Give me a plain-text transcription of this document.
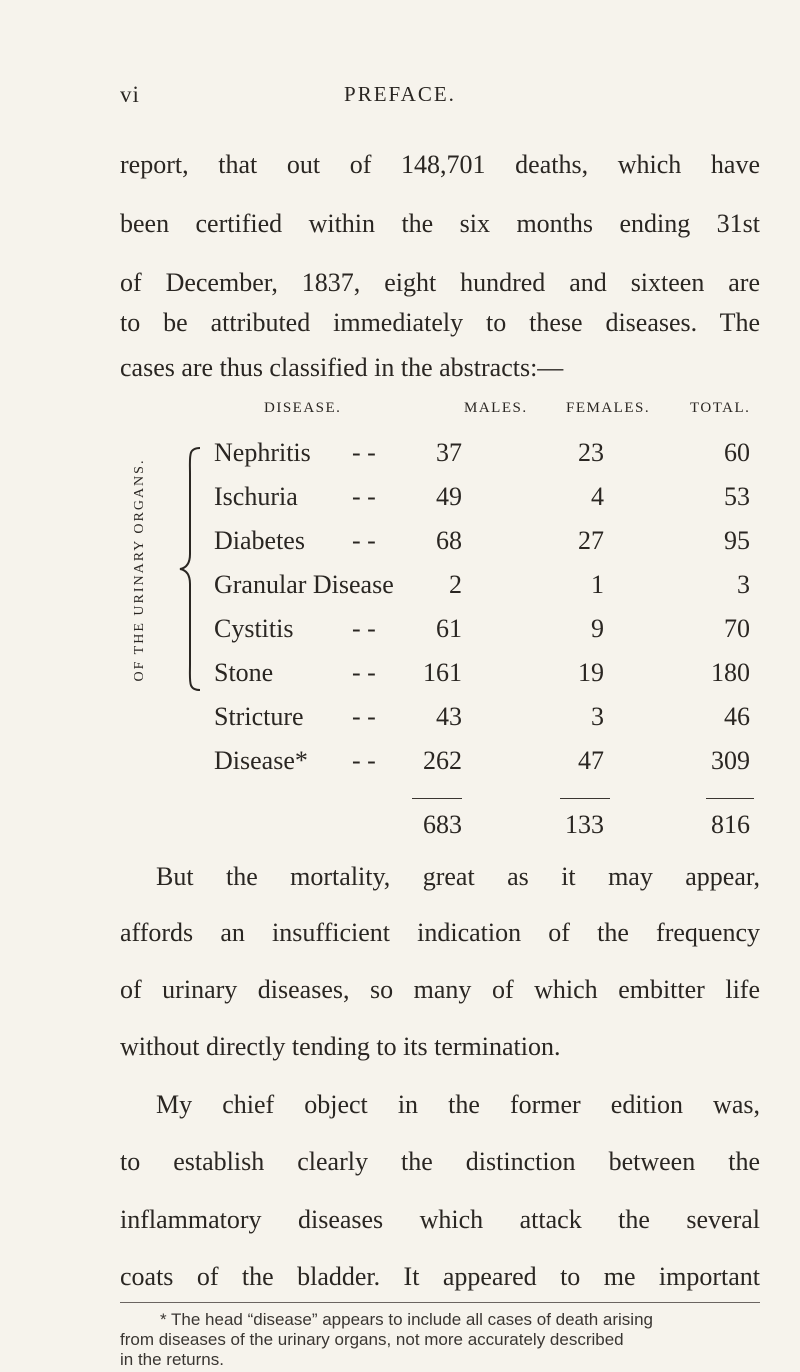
vi	PREFACE.
report, that out of 148,701 deaths, which have
been certified within the six months ending 31st
of December, 1837, eight hundred and sixteen are
to be attributed immediately to these diseases. The
cases are thus classified in the abstracts:—
DISEASE.	MALES.	FEMALES.	TOTAL.
OF THE URINARY ORGANS.
Nephritis - - 37	23	60
Ischuria - - 49	4	53
Diabetes - - 68	27	95
Granular Disease 2	1	3
Cystitis - - 61	9	70
Stone	- - 161	19	180
Stricture - - 43	3	46
Disease* - - 262	47	309
683	133	816
But the mortality, great as it may appear,
affords an insufficient indication of the frequency
of urinary diseases, so many of which embitter life
without directly tending to its termination.
My chief object in the former edition was,
to establish clearly the distinction between the
inflammatory diseases which attack the several
coats of the bladder. It appeared to me important
* The head “disease” appears to include all cases of death arising
from diseases of the urinary organs, not more accurately described
in the returns.
